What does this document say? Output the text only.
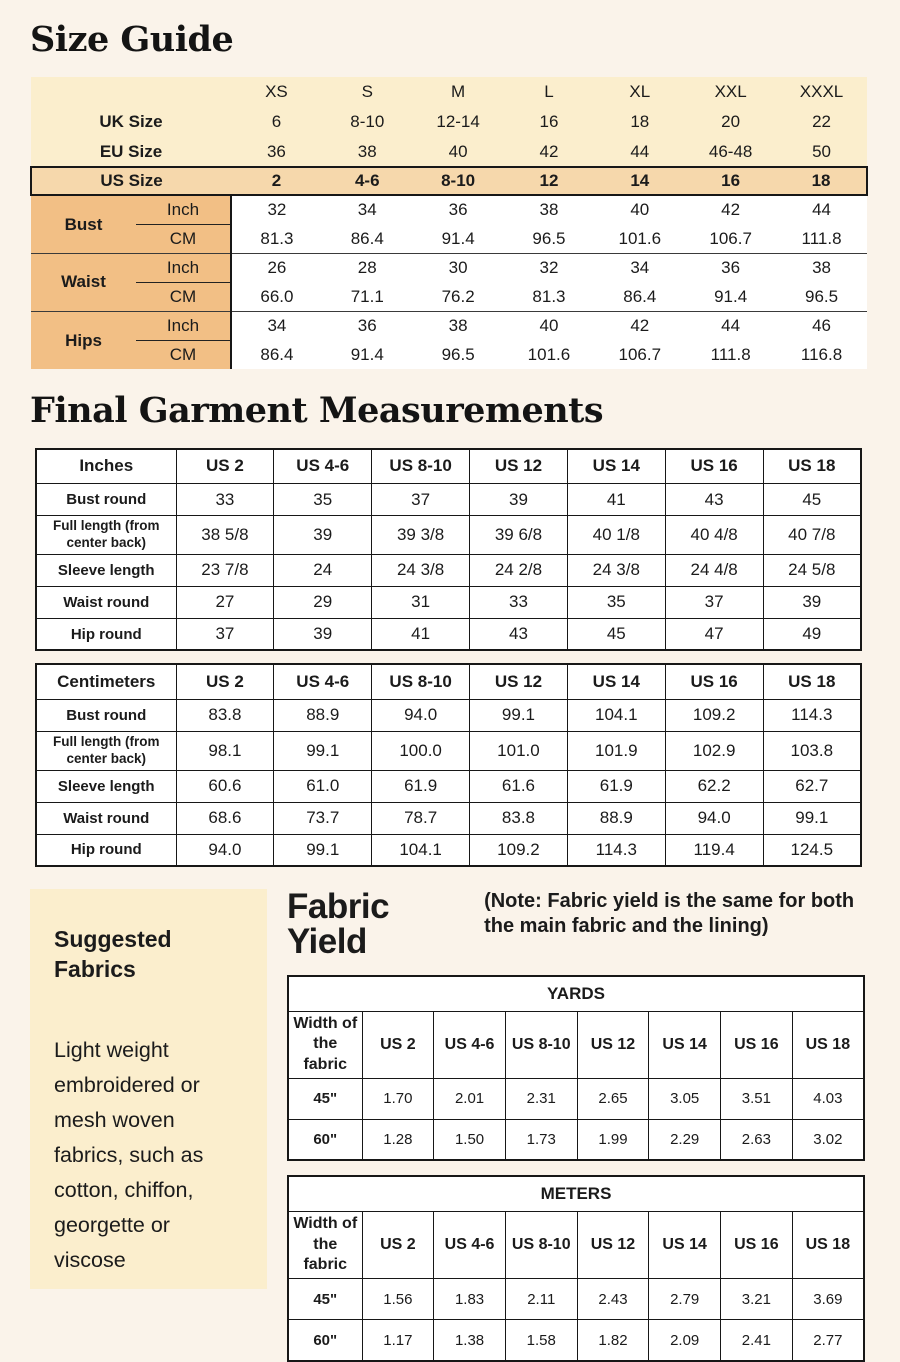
Size Guide
		XS	S	M	L	XL	XXL	XXXL
UK Size		6	8-10	12-14	16	18	20	22
EU Size		36	38	40	42	44	46-48	50
US Size		2	4-6	8-10	12	14	16	18
Bust	Inch	32	34	36	38	40	42	44
	CM	81.3	86.4	91.4	96.5	101.6	106.7	111.8
Waist	Inch	26	28	30	32	34	36	38
	CM	66.0	71.1	76.2	81.3	86.4	91.4	96.5
Hips	Inch	34	36	38	40	42	44	46
	CM	86.4	91.4	96.5	101.6	106.7	111.8	116.8
Final Garment Measurements
Inches	US 2	US 4-6	US 8-10	US 12	US 14	US 16	US 18
Bust round	33	35	37	39	41	43	45
Full length (from center back)	38 5/8	39	39 3/8	39 6/8	40 1/8	40 4/8	40 7/8
Sleeve length	23 7/8	24	24 3/8	24 2/8	24 3/8	24 4/8	24 5/8
Waist round	27	29	31	33	35	37	39
Hip round	37	39	41	43	45	47	49
Centimeters	US 2	US 4-6	US 8-10	US 12	US 14	US 16	US 18
Bust round	83.8	88.9	94.0	99.1	104.1	109.2	114.3
Full length (from center back)	98.1	99.1	100.0	101.0	101.9	102.9	103.8
Sleeve length	60.6	61.0	61.9	61.6	61.9	62.2	62.7
Waist round	68.6	73.7	78.7	83.8	88.9	94.0	99.1
Hip round	94.0	99.1	104.1	109.2	114.3	119.4	124.5
Suggested Fabrics

Light weight embroidered or mesh woven fabrics, such as cotton, chiffon, georgette or viscose

Fabric Yield

(Note: Fabric yield is the same for both the main fabric and the lining)

YARDS							
Width of the fabric	US 2	US 4-6	US 8-10	US 12	US 14	US 16	US 18
45"	1.70	2.01	2.31	2.65	3.05	3.51	4.03
60"	1.28	1.50	1.73	1.99	2.29	2.63	3.02
METERS							
Width of the fabric	US 2	US 4-6	US 8-10	US 12	US 14	US 16	US 18
45"	1.56	1.83	2.11	2.43	2.79	3.21	3.69
60"	1.17	1.38	1.58	1.82	2.09	2.41	2.77
